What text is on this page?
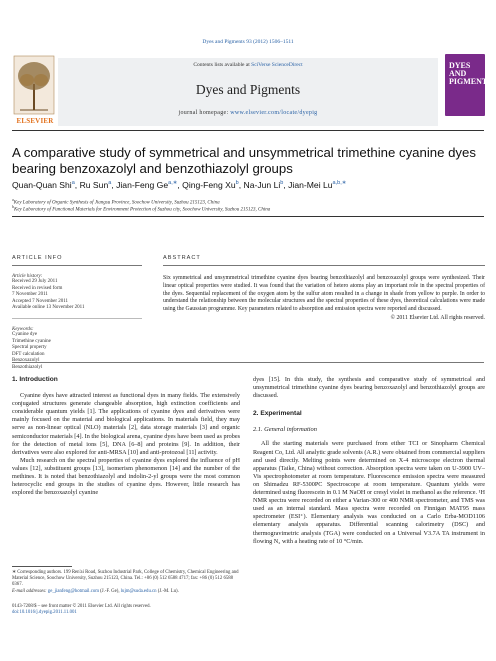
Dyes and Pigments 93 (2012) 1506–1511
ELSEVIER
Contents lists available at SciVerse ScienceDirect
Dyes and Pigments
journal homepage: www.elsevier.com/locate/dyepig
DYES
AND
PIGMENTS
A comparative study of symmetrical and unsymmetrical trimethine cyanine dyes bearing benzoxazolyl and benzothiazolyl groups
Quan-Quan Shi$^a$, Ru Sun$^a$, Jian-Feng $Ge^{a,∗}$, Qing-Feng Xu$^b$, Na-Jun Li$^b$, Jian-Mei $Lu^{a,b,∗}$
$^a$Key Laboratory of Organic Synthesis of Jiangsu Province, Soochow University, Suzhou 215123, China
$^b$Key Laboratory of Functional Materials for Environment Protection of Suzhou city, Soochow University, Suzhou 215123, China
ARTICLE INFO
Article history:
Received 29 July 2011
Received in revised form
7 November 2011
Accepted 7 November 2011
Available online 13 November 2011
Keywords:
Cyanine dye
Trimethine cyanine
Spectral property
DFT calculation
Benzoxazolyl
Benzothiazolyl
ABSTRACT
Six symmetrical and unsymmetrical trimethine cyanine dyes bearing benzothiazolyl and benzoxazolyl groups were synthesized. Their linear optical properties were studied. It was found that the variation of hetero atoms play an important role in the spectral properties of the dyes. Sequential replacement of the oxygen atom by the sulfur atom resulted in a change in shade from yellow to purple. In order to understand the relationship between the molecular structures and the spectral properties of these dyes, theoretical calculations were made using the Gaussian programme. Key parameters related to absorption and emission spectra were reported and discussed.
© 2011 Elsevier Ltd. All rights reserved.
1. Introduction

Cyanine dyes have attracted interest as functional dyes in many fields. The extensively conjugated structures generate changeable absorption, high extinction coefficients and considerable quantum yields [1]. The applications of cyanine dyes and derivatives were mainly focused on the material and biological applications. In materials field, they may serve as non-linear optical (NLO) materials [2], data storage materials [3] and organic semiconductor materials [4]. In the biological arena, cyanine dyes have been used as probes for the detection of metal ions [5], DNA [6–8] and proteins [9]. In addition, their derivatives were also explored for anti-MRSA [10] and anti-protozoal [11] activity.

Much research on the spectral properties of cyanine dyes explored the influence of pH values [12], substituent groups [13], isomerism phenomenon [14] and the number of the methines. It is noted that benzothiazolyl and indolin-2-yl groups were the most common heterocyclic end groups in the studies of cyanine dyes. However, little research has explored the benzoxazolyl cyanine

dyes [15]. In this study, the synthesis and comparative study of symmetrical and unsymmetrical trimethine cyanine dyes bearing benzoxazolyl and benzothiazolyl groups are discussed.

2. Experimental
2.1. General information

All the starting materials were purchased from either TCI or Sinopharm Chemical Reagent Co, Ltd. All analytic grade solvents (A.R.) were obtained from commercial suppliers and used directly. Melting points were determined on X-4 microscope electron thermal apparatus (Taike, China) without correction. Absorption spectra were taken on U-3900 UV–Vis spectrophotometer at room temperature. Fluorescence emission spectra were measured on Shimadzu RF-5300PC Spectroscope at room temperature. Quantum yields were determined using fluorescein in 0.1 M NaOH or cresyl violet in methanol as the reference. ¹H NMR spectra were recorded on either a Varian-300 or 400 NMR spectrometer, and TMS was used as an internal standard. Mass spectra were recorded on Finnigan MAT95 mass spectrometer (ESI⁺). Elementary analysis was conducted on a Carlo Erba-MOD1106 elementary analysis apparatus. Differential scanning calorimetry (DSC) and thermogravimetric analysis (TGA) were conducted on a Universal V3.7A TA instrument in flowing N₂ with a heating rate of 10 °C/min.

∗ Corresponding authors. 199 Ren'ai Road, Suzhou Industrial Park, College of Chemistry, Chemical Engineering and Material Science, Soochow University, Suzhou 215123, China. Tel.: +86 (0) 512 6588 4717; fax: +86 (0) 512 6588 0367.
E-mail addresses: ge_jianfeng@hotmail.com (J.-F. Ge), lujm@suda.edu.cn (J.-M. Lu).
0143-7208/$ – see front matter © 2011 Elsevier Ltd. All rights reserved.
doi:10.1016/j.dyepig.2011.11.001
